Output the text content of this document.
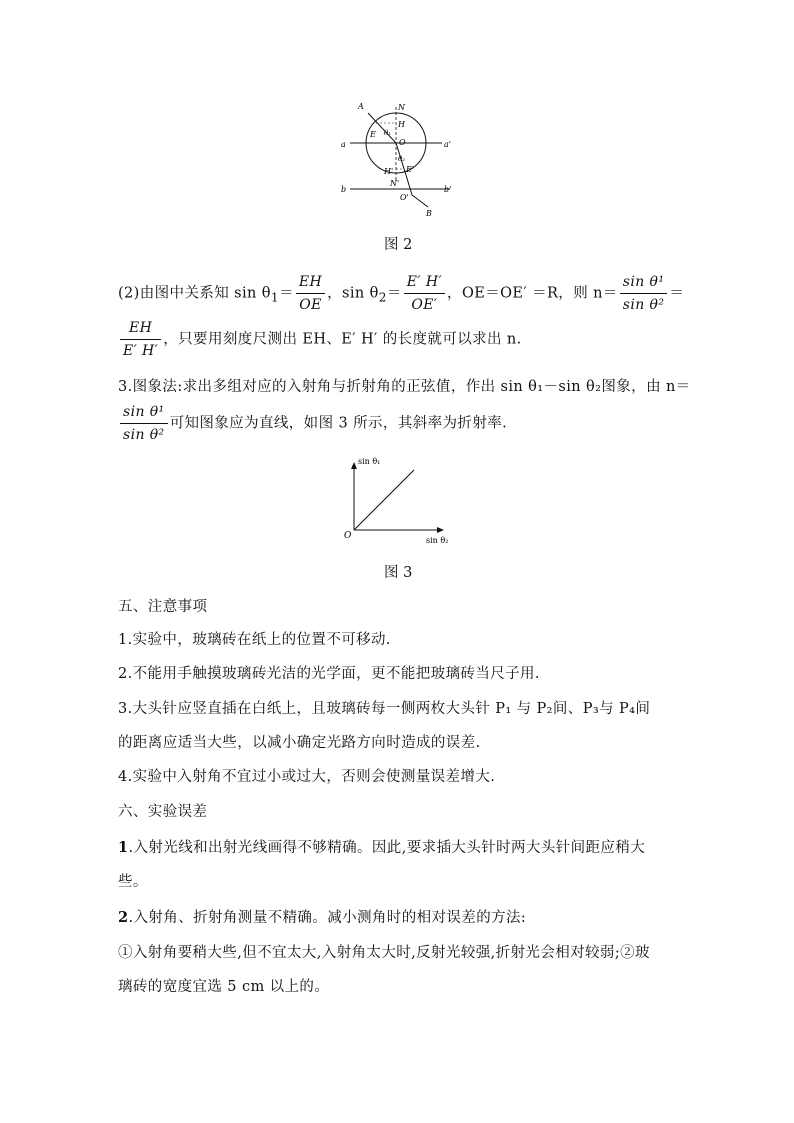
A	N
H
θ₁
E
O
a	a'
θ₂
H' E'
N'
b	b'
O'
B
图 2
(2)由图中关系知 $\sin \theta_1= \frac{EH}{OE}$ ，$\sin \theta_2= \frac{E' H'}{OE'}$ ，OE＝OE′ ＝R，则 $n= \frac{\text{sin θ¹}}{\text{sin θ²}}$ ＝
$\frac{EH}{E' H'}$ ，只要用刻度尺测出 EH、E′ H′ 的长度就可以求出 n.
3.图象法:求出多组对应的入射角与折射角的正弦值，作出 sin θ₁－sin θ₂图象，由 n＝
$\frac{\text{sin θ¹}}{\text{sin θ²}}$ 可知图象应为直线，如图 3 所示，其斜率为折射率.
sin θ₁
sin θ₂
O
图 3
五、注意事项
1.实验中，玻璃砖在纸上的位置不可移动.
2.不能用手触摸玻璃砖光洁的光学面，更不能把玻璃砖当尺子用.
3.大头针应竖直插在白纸上，且玻璃砖每一侧两枚大头针 P₁ 与 P₂间、P₃与 P₄间
的距离应适当大些，以减小确定光路方向时造成的误差.
4.实验中入射角不宜过小或过大，否则会使测量误差增大.
六、实验误差
1.入射光线和出射光线画得不够精确。因此,要求插大头针时两大头针间距应稍大
些。
2.入射角、折射角测量不精确。减小测角时的相对误差的方法:
①入射角要稍大些,但不宜太大,入射角太大时,反射光较强,折射光会相对较弱;②玻
璃砖的宽度宜选 5 cm 以上的。
